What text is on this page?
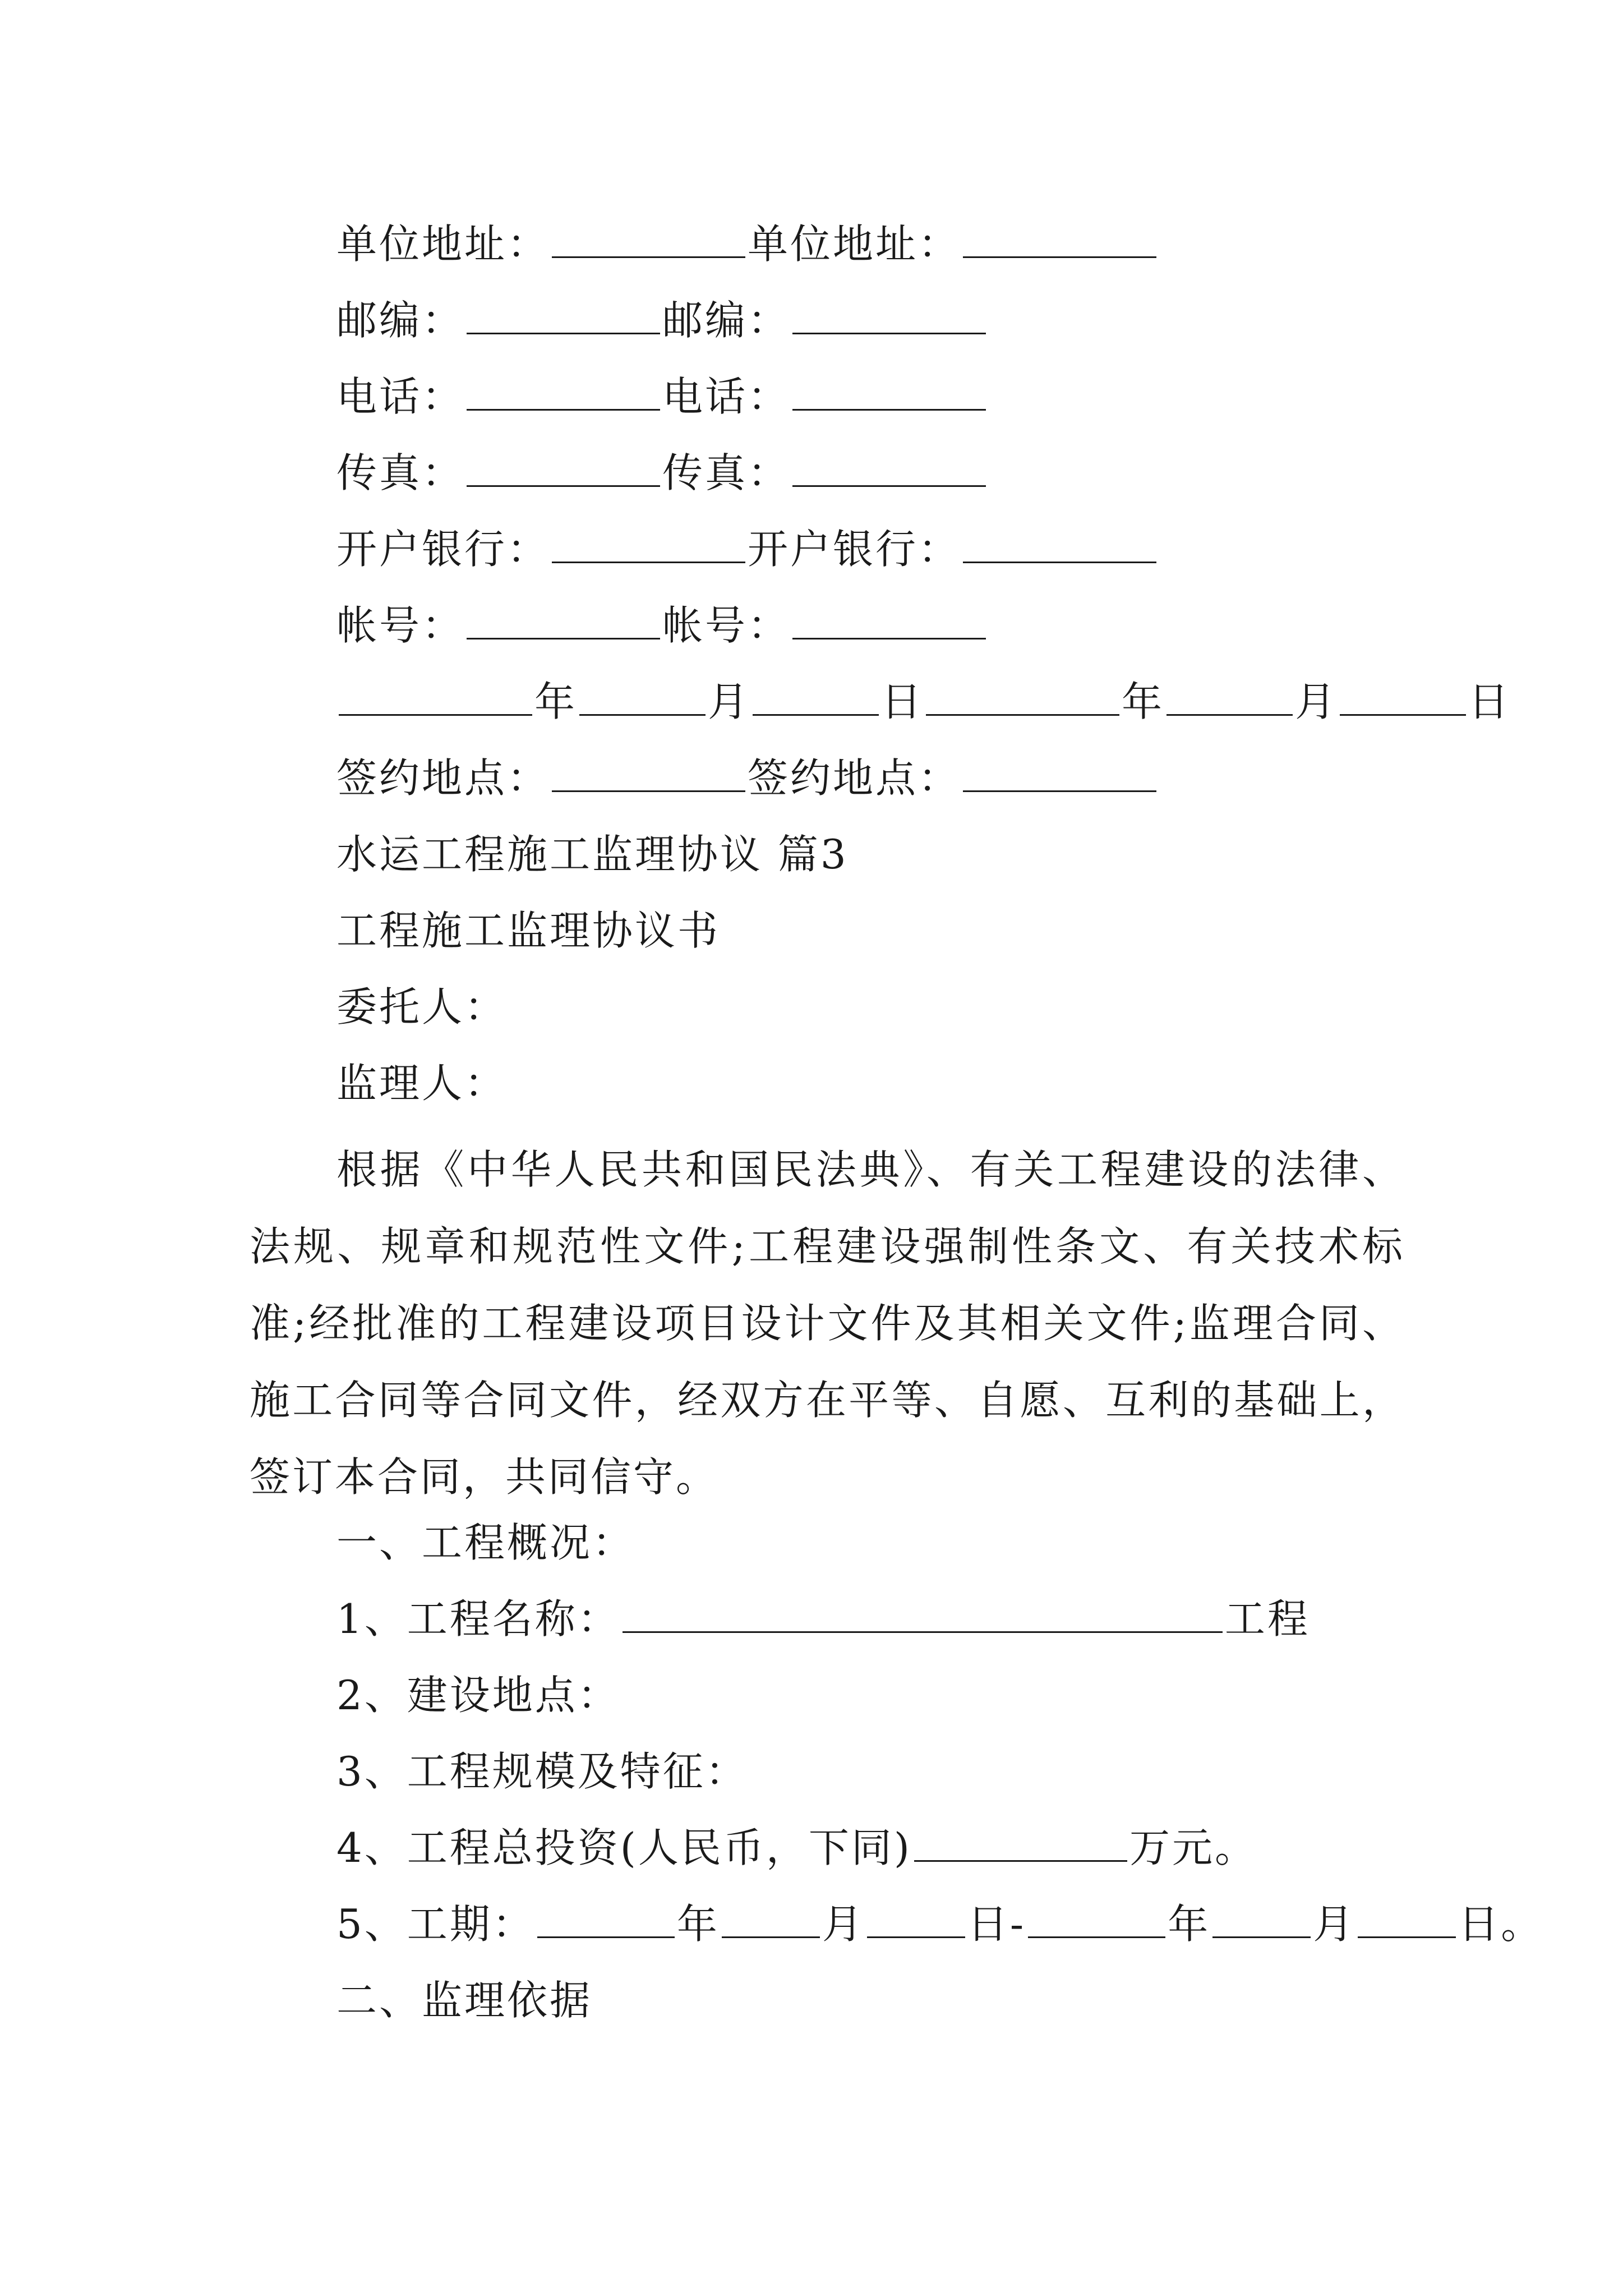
单位地址：	单位地址：
邮编：	邮编：
电话：	电话：
传真：	传真：
开户银行：	开户银行：
帐号：	帐号：
年	月	日	年	月	日
签约地点：	签约地点：
水运工程施工监理协议 篇3
工程施工监理协议书
委托人：
监理人：
根据《中华人民共和国民法典》、有关工程建设的法律、法规、规章和规范性文件;工程建设强制性条文、有关技术标准;经批准的工程建设项目设计文件及其相关文件;监理合同、施工合同等合同文件，经双方在平等、自愿、互利的基础上，签订本合同，共同信守。
一、工程概况：
1、工程名称：	工程
2、建设地点：
3、工程规模及特征：
4、工程总投资(人民币，下同)	万元。
5、工期：	年	月	日-	年	月	日。
二、监理依据
